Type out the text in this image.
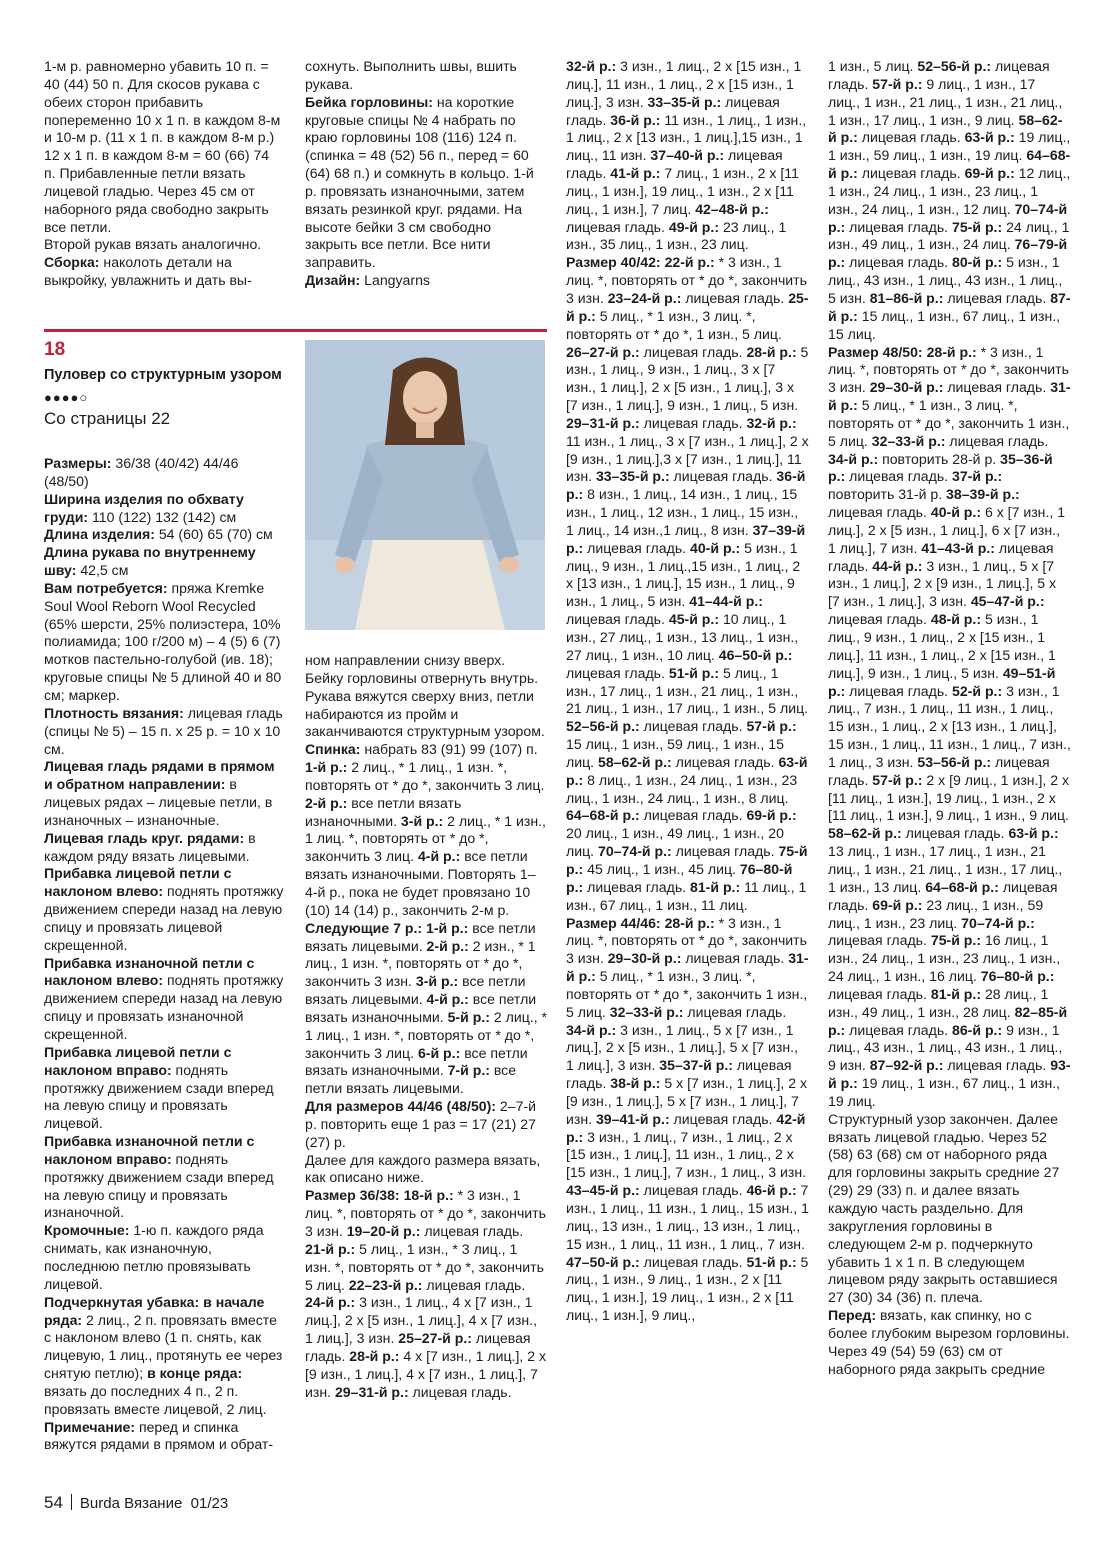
1-м р. равномерно убавить 10 п. = 40 (44) 50 п. Для скосов рукава с обеих сторон прибавить попеременно 10 х 1 п. в каждом 8-м и 10-м р. (11 х 1 п. в каждом 8-м р.) 12 х 1 п. в каждом 8-м = 60 (66) 74 п. Прибавленные петли вязать лицевой гладью. Через 45 см от наборного ряда свободно закрыть все петли.

Второй рукав вязать аналогично.

Сборка: наколоть детали на выкройку, увлажнить и дать вы-

сохнуть. Выполнить швы, вшить рукава.

Бейка горловины: на короткие круговые спицы № 4 набрать по краю горловины 108 (116) 124 п. (спинка = 48 (52) 56 п., перед = 60 (64) 68 п.) и сомкнуть в кольцо. 1-й р. провязать изнаночными, затем вязать резинкой круг. рядами. На высоте бейки 3 см свободно закрыть все петли. Все нити заправить.

Дизайн: Langyarns

18

Пуловер со структурным узором

●●●●○

Со страницы 22

Размеры: 36/38 (40/42) 44/46 (48/50)

Ширина изделия по обхвату груди: 110 (122) 132 (142) см

Длина изделия: 54 (60) 65 (70) см

Длина рукава по внутреннему шву: 42,5 см

Вам потребуется: пряжа Kremke Soul Wool Reborn Wool Recycled (65% шерсти, 25% полиэстера, 10% полиамида; 100 г/200 м) – 4 (5) 6 (7) мотков пастельно-голубой (ив. 18); круговые спицы № 5 длиной 40 и 80 см; маркер.

Плотность вязания: лицевая гладь (спицы № 5) – 15 п. х 25 р. = 10 х 10 см.

Лицевая гладь рядами в прямом и обратном направлении: в лицевых рядах – лицевые петли, в изнаночных – изнаночные.

Лицевая гладь круг. рядами: в каждом ряду вязать лицевыми.

Прибавка лицевой петли с наклоном влево: поднять протяжку движением спереди назад на левую спицу и провязать лицевой скрещенной.

Прибавка изнаночной петли с наклоном влево: поднять протяжку движением спереди назад на левую спицу и провязать изнаночной скрещенной.

Прибавка лицевой петли с наклоном вправо: поднять протяжку движением сзади вперед на левую спицу и провязать лицевой.

Прибавка изнаночной петли с наклоном вправо: поднять протяжку движением сзади вперед на левую спицу и провязать изнаночной.

Кромочные: 1-ю п. каждого ряда снимать, как изнаночную, последнюю петлю провязывать лицевой.

Подчеркнутая убавка: в начале ряда: 2 лиц., 2 п. провязать вместе с наклоном влево (1 п. снять, как лицевую, 1 лиц., протянуть ее через снятую петлю); в конце ряда: вязать до последних 4 п., 2 п. провязать вместе лицевой, 2 лиц.

Примечание: перед и спинка вяжутся рядами в прямом и обрат-

ном направлении снизу вверх. Бейку горловины отвернуть внутрь. Рукава вяжутся сверху вниз, петли набираются из пройм и заканчиваются структурным узором.

Спинка: набрать 83 (91) 99 (107) п. 1-й р.: 2 лиц., * 1 лиц., 1 изн. *, повторять от * до *, закончить 3 лиц. 2-й р.: все петли вязать изнаночными. 3-й р.: 2 лиц., * 1 изн., 1 лиц. *, повторять от * до *, закончить 3 лиц. 4-й р.: все петли вязать изнаночными. Повторять 1–4-й р., пока не будет провязано 10 (10) 14 (14) р., закончить 2-м р.

Следующие 7 р.: 1-й р.: все петли вязать лицевыми. 2-й р.: 2 изн., * 1 лиц., 1 изн. *, повторять от * до *, закончить 3 изн. 3-й р.: все петли вязать лицевыми. 4-й р.: все петли вязать изнаночными. 5-й р.: 2 лиц., * 1 лиц., 1 изн. *, повторять от * до *, закончить 3 лиц. 6-й р.: все петли вязать изнаночными. 7-й р.: все петли вязать лицевыми.

Для размеров 44/46 (48/50): 2–7-й р. повторить еще 1 раз = 17 (21) 27 (27) р.

Далее для каждого размера вязать, как описано ниже.

Размер 36/38: 18-й р.: * 3 изн., 1 лиц. *, повторять от * до *, закончить 3 изн. 19–20-й р.: лицевая гладь. 21-й р.: 5 лиц., 1 изн., * 3 лиц., 1 изн. *, повторять от * до *, закончить 5 лиц. 22–23-й р.: лицевая гладь. 24-й р.: 3 изн., 1 лиц., 4 х [7 изн., 1 лиц.], 2 х [5 изн., 1 лиц.], 4 х [7 изн., 1 лиц.], 3 изн. 25–27-й р.: лицевая гладь. 28-й р.: 4 х [7 изн., 1 лиц.], 2 х [9 изн., 1 лиц.], 4 х [7 изн., 1 лиц.], 7 изн. 29–31-й р.: лицевая гладь.

32-й р.: 3 изн., 1 лиц., 2 х [15 изн., 1 лиц.], 11 изн., 1 лиц., 2 х [15 изн., 1 лиц.], 3 изн. 33–35-й р.: лицевая гладь. 36-й р.: 11 изн., 1 лиц., 1 изн., 1 лиц., 2 х [13 изн., 1 лиц.],15 изн., 1 лиц., 11 изн. 37–40-й р.: лицевая гладь. 41-й р.: 7 лиц., 1 изн., 2 х [11 лиц., 1 изн.], 19 лиц., 1 изн., 2 х [11 лиц., 1 изн.], 7 лиц. 42–48-й р.: лицевая гладь. 49-й р.: 23 лиц., 1 изн., 35 лиц., 1 изн., 23 лиц.

Размер 40/42: 22-й р.: * 3 изн., 1 лиц. *, повторять от * до *, закончить 3 изн. 23–24-й р.: лицевая гладь. 25-й р.: 5 лиц., * 1 изн., 3 лиц. *, повторять от * до *, 1 изн., 5 лиц. 26–27-й р.: лицевая гладь. 28-й р.: 5 изн., 1 лиц., 9 изн., 1 лиц., 3 х [7 изн., 1 лиц.], 2 х [5 изн., 1 лиц.], 3 х [7 изн., 1 лиц.], 9 изн., 1 лиц., 5 изн. 29–31-й р.: лицевая гладь. 32-й р.: 11 изн., 1 лиц., 3 х [7 изн., 1 лиц.], 2 х [9 изн., 1 лиц.],3 х [7 изн., 1 лиц.], 11 изн. 33–35-й р.: лицевая гладь. 36-й р.: 8 изн., 1 лиц., 14 изн., 1 лиц., 15 изн., 1 лиц., 12 изн., 1 лиц., 15 изн., 1 лиц., 14 изн.,1 лиц., 8 изн. 37–39-й р.: лицевая гладь. 40-й р.: 5 изн., 1 лиц., 9 изн., 1 лиц.,15 изн., 1 лиц., 2 х [13 изн., 1 лиц.], 15 изн., 1 лиц., 9 изн., 1 лиц., 5 изн. 41–44-й р.: лицевая гладь. 45-й р.: 10 лиц., 1 изн., 27 лиц., 1 изн., 13 лиц., 1 изн., 27 лиц., 1 изн., 10 лиц. 46–50-й р.: лицевая гладь. 51-й р.: 5 лиц., 1 изн., 17 лиц., 1 изн., 21 лиц., 1 изн., 21 лиц., 1 изн., 17 лиц., 1 изн., 5 лиц. 52–56-й р.: лицевая гладь. 57-й р.: 15 лиц., 1 изн., 59 лиц., 1 изн., 15 лиц. 58–62-й р.: лицевая гладь. 63-й р.: 8 лиц., 1 изн., 24 лиц., 1 изн., 23 лиц., 1 изн., 24 лиц., 1 изн., 8 лиц. 64–68-й р.: лицевая гладь. 69-й р.: 20 лиц., 1 изн., 49 лиц., 1 изн., 20 лиц. 70–74-й р.: лицевая гладь. 75-й р.: 45 лиц., 1 изн., 45 лиц. 76–80-й р.: лицевая гладь. 81-й р.: 11 лиц., 1 изн., 67 лиц., 1 изн., 11 лиц.

Размер 44/46: 28-й р.: * 3 изн., 1 лиц. *, повторять от * до *, закончить 3 изн. 29–30-й р.: лицевая гладь. 31-й р.: 5 лиц., * 1 изн., 3 лиц. *, повторять от * до *, закончить 1 изн., 5 лиц. 32–33-й р.: лицевая гладь. 34-й р.: 3 изн., 1 лиц., 5 х [7 изн., 1 лиц.], 2 х [5 изн., 1 лиц.], 5 х [7 изн., 1 лиц.], 3 изн. 35–37-й р.: лицевая гладь. 38-й р.: 5 х [7 изн., 1 лиц.], 2 х [9 изн., 1 лиц.], 5 х [7 изн., 1 лиц.], 7 изн. 39–41-й р.: лицевая гладь. 42-й р.: 3 изн., 1 лиц., 7 изн., 1 лиц., 2 х [15 изн., 1 лиц.], 11 изн., 1 лиц., 2 х [15 изн., 1 лиц.], 7 изн., 1 лиц., 3 изн. 43–45-й р.: лицевая гладь. 46-й р.: 7 изн., 1 лиц., 11 изн., 1 лиц., 15 изн., 1 лиц., 13 изн., 1 лиц., 13 изн., 1 лиц., 15 изн., 1 лиц., 11 изн., 1 лиц., 7 изн. 47–50-й р.: лицевая гладь. 51-й р.: 5 лиц., 1 изн., 9 лиц., 1 изн., 2 х [11 лиц., 1 изн.], 19 лиц., 1 изн., 2 х [11 лиц., 1 изн.], 9 лиц.,

1 изн., 5 лиц. 52–56-й р.: лицевая гладь. 57-й р.: 9 лиц., 1 изн., 17 лиц., 1 изн., 21 лиц., 1 изн., 21 лиц., 1 изн., 17 лиц., 1 изн., 9 лиц. 58–62-й р.: лицевая гладь. 63-й р.: 19 лиц., 1 изн., 59 лиц., 1 изн., 19 лиц. 64–68-й р.: лицевая гладь. 69-й р.: 12 лиц., 1 изн., 24 лиц., 1 изн., 23 лиц., 1 изн., 24 лиц., 1 изн., 12 лиц. 70–74-й р.: лицевая гладь. 75-й р.: 24 лиц., 1 изн., 49 лиц., 1 изн., 24 лиц. 76–79-й р.: лицевая гладь. 80-й р.: 5 изн., 1 лиц., 43 изн., 1 лиц., 43 изн., 1 лиц., 5 изн. 81–86-й р.: лицевая гладь. 87-й р.: 15 лиц., 1 изн., 67 лиц., 1 изн., 15 лиц.

Размер 48/50: 28-й р.: * 3 изн., 1 лиц. *, повторять от * до *, закончить 3 изн. 29–30-й р.: лицевая гладь. 31-й р.: 5 лиц., * 1 изн., 3 лиц. *, повторять от * до *, закончить 1 изн., 5 лиц. 32–33-й р.: лицевая гладь. 34-й р.: повторить 28-й р. 35–36-й р.: лицевая гладь. 37-й р.: повторить 31-й р. 38–39-й р.: лицевая гладь. 40-й р.: 6 х [7 изн., 1 лиц.], 2 х [5 изн., 1 лиц.], 6 х [7 изн., 1 лиц.], 7 изн. 41–43-й р.: лицевая гладь. 44-й р.: 3 изн., 1 лиц., 5 х [7 изн., 1 лиц.], 2 х [9 изн., 1 лиц.], 5 х [7 изн., 1 лиц.], 3 изн. 45–47-й р.: лицевая гладь. 48-й р.: 5 изн., 1 лиц., 9 изн., 1 лиц., 2 х [15 изн., 1 лиц.], 11 изн., 1 лиц., 2 х [15 изн., 1 лиц.], 9 изн., 1 лиц., 5 изн. 49–51-й р.: лицевая гладь. 52-й р.: 3 изн., 1 лиц., 7 изн., 1 лиц., 11 изн., 1 лиц., 15 изн., 1 лиц., 2 х [13 изн., 1 лиц.], 15 изн., 1 лиц., 11 изн., 1 лиц., 7 изн., 1 лиц., 3 изн. 53–56-й р.: лицевая гладь. 57-й р.: 2 х [9 лиц., 1 изн.], 2 х [11 лиц., 1 изн.], 19 лиц., 1 изн., 2 х [11 лиц., 1 изн.], 9 лиц., 1 изн., 9 лиц. 58–62-й р.: лицевая гладь. 63-й р.: 13 лиц., 1 изн., 17 лиц., 1 изн., 21 лиц., 1 изн., 21 лиц., 1 изн., 17 лиц., 1 изн., 13 лиц. 64–68-й р.: лицевая гладь. 69-й р.: 23 лиц., 1 изн., 59 лиц., 1 изн., 23 лиц. 70–74-й р.: лицевая гладь. 75-й р.: 16 лиц., 1 изн., 24 лиц., 1 изн., 23 лиц., 1 изн., 24 лиц., 1 изн., 16 лиц. 76–80-й р.: лицевая гладь. 81-й р.: 28 лиц., 1 изн., 49 лиц., 1 изн., 28 лиц. 82–85-й р.: лицевая гладь. 86-й р.: 9 изн., 1 лиц., 43 изн., 1 лиц., 43 изн., 1 лиц., 9 изн. 87–92-й р.: лицевая гладь. 93-й р.: 19 лиц., 1 изн., 67 лиц., 1 изн., 19 лиц.

Структурный узор закончен. Далее вязать лицевой гладью. Через 52 (58) 63 (68) см от наборного ряда для горловины закрыть средние 27 (29) 29 (33) п. и далее вязать каждую часть раздельно. Для закругления горловины в следующем 2-м р. подчеркнуто убавить 1 х 1 п. В следующем лицевом ряду закрыть оставшиеся 27 (30) 34 (36) п. плеча.

Перед: вязать, как спинку, но с более глубоким вырезом горловины. Через 49 (54) 59 (63) см от наборного ряда закрыть средние

54 Burda Вязание 01/23
